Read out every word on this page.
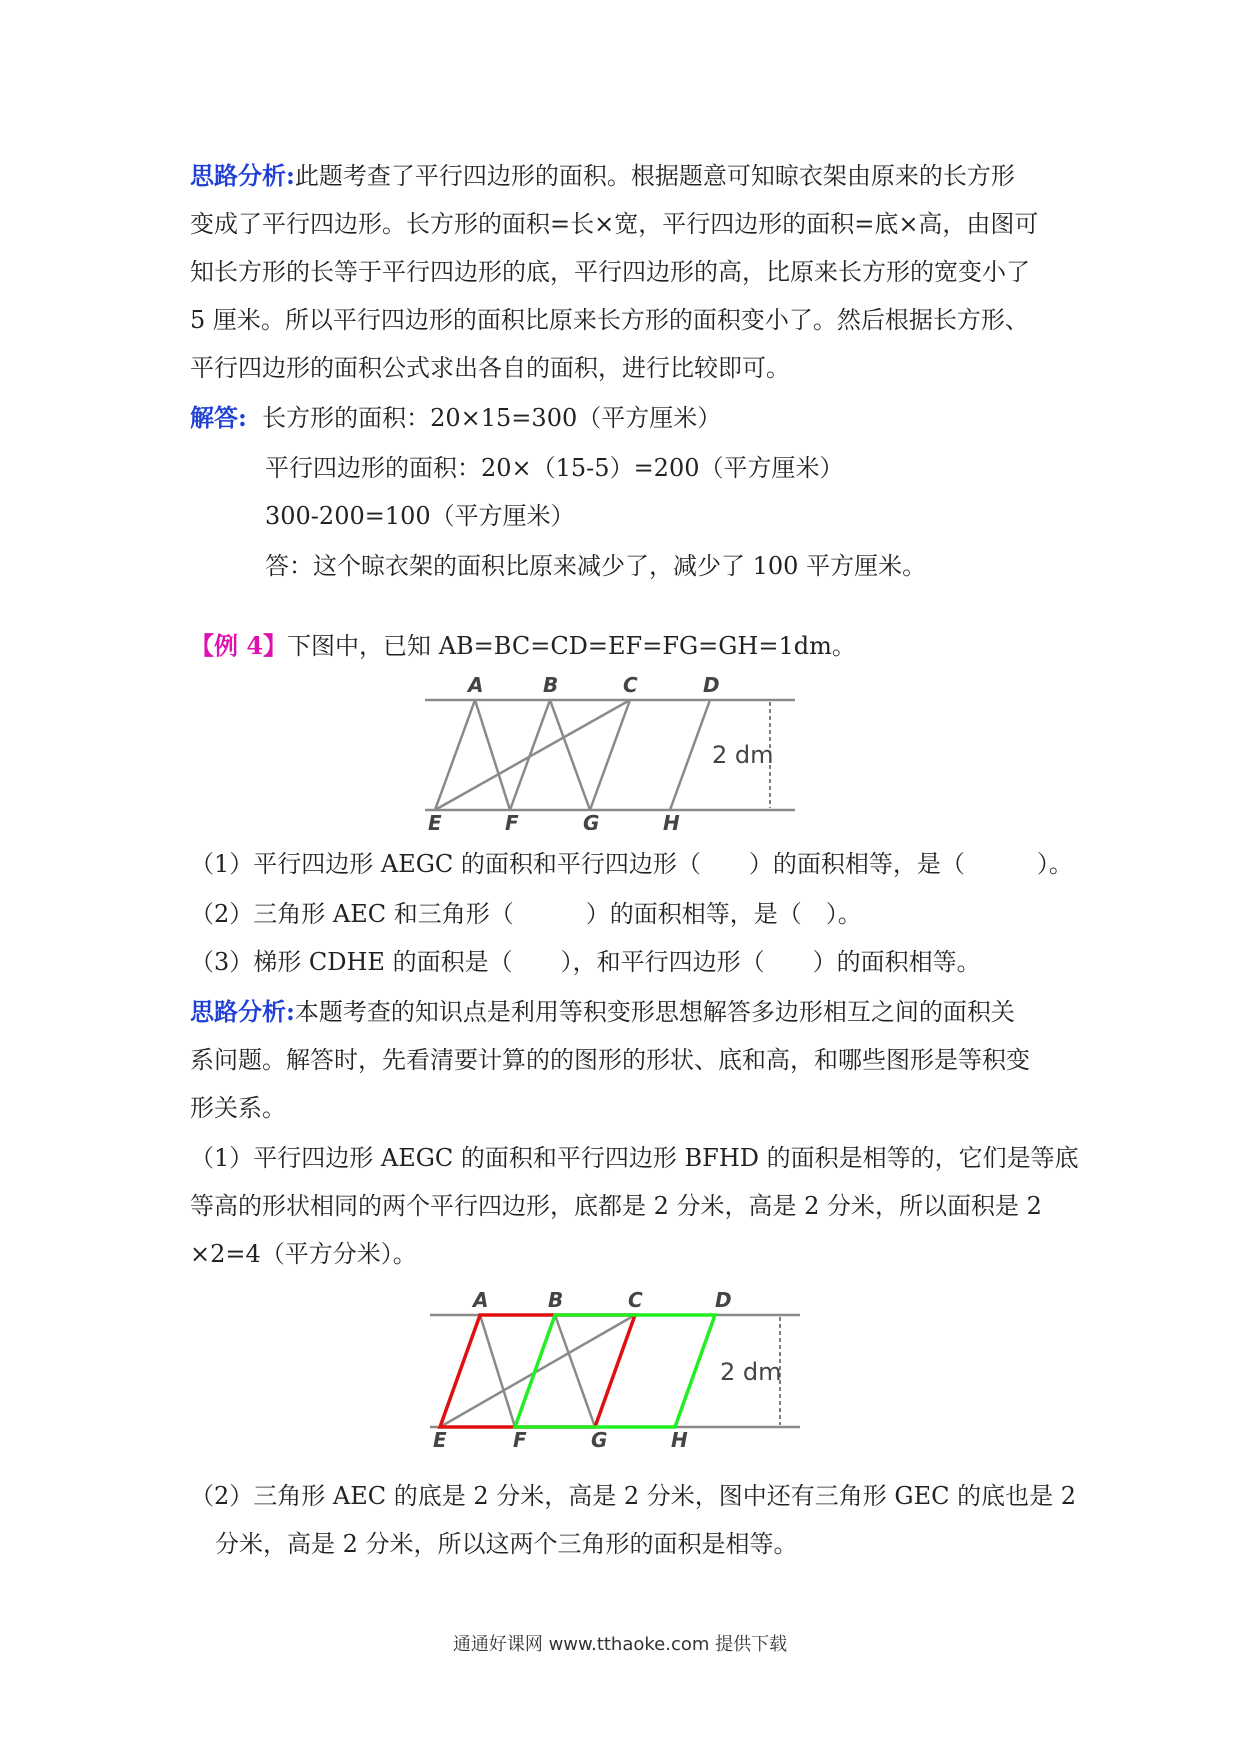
思路分析:此题考查了平行四边形的面积。根据题意可知晾衣架由原来的长方形
变成了平行四边形。长方形的面积=长×宽，平行四边形的面积=底×高，由图可
知长方形的长等于平行四边形的底，平行四边形的高，比原来长方形的宽变小了
5 厘米。所以平行四边形的面积比原来长方形的面积变小了。然后根据长方形、
平行四边形的面积公式求出各自的面积，进行比较即可。
解答: 长方形的面积：20×15=300（平方厘米）
平行四边形的面积：20×（15-5）=200（平方厘米）
300-200=100（平方厘米）
答：这个晾衣架的面积比原来减少了，减少了 100 平方厘米。
【例 4】下图中，已知 AB=BC=CD=EF=FG=GH=1dm。
A	B	C	D
E	F	G	H
2 dm
（1）平行四边形 AEGC 的面积和平行四边形（　　）的面积相等，是（　　　）。
（2）三角形 AEC 和三角形（　　　）的面积相等，是（　）。
（3）梯形 CDHE 的面积是（　　），和平行四边形（　　）的面积相等。
思路分析:本题考查的知识点是利用等积变形思想解答多边形相互之间的面积关
系问题。解答时，先看清要计算的的图形的形状、底和高，和哪些图形是等积变
形关系。
（1）平行四边形 AEGC 的面积和平行四边形 BFHD 的面积是相等的，它们是等底
等高的形状相同的两个平行四边形，底都是 2 分米，高是 2 分米，所以面积是 2
×2=4（平方分米）。
A	B	C	D
E	F	G	H
2 dm
（2）三角形 AEC 的底是 2 分米，高是 2 分米，图中还有三角形 GEC 的底也是 2
分米，高是 2 分米，所以这两个三角形的面积是相等。
通通好课网 www.tthaoke.com 提供下载
